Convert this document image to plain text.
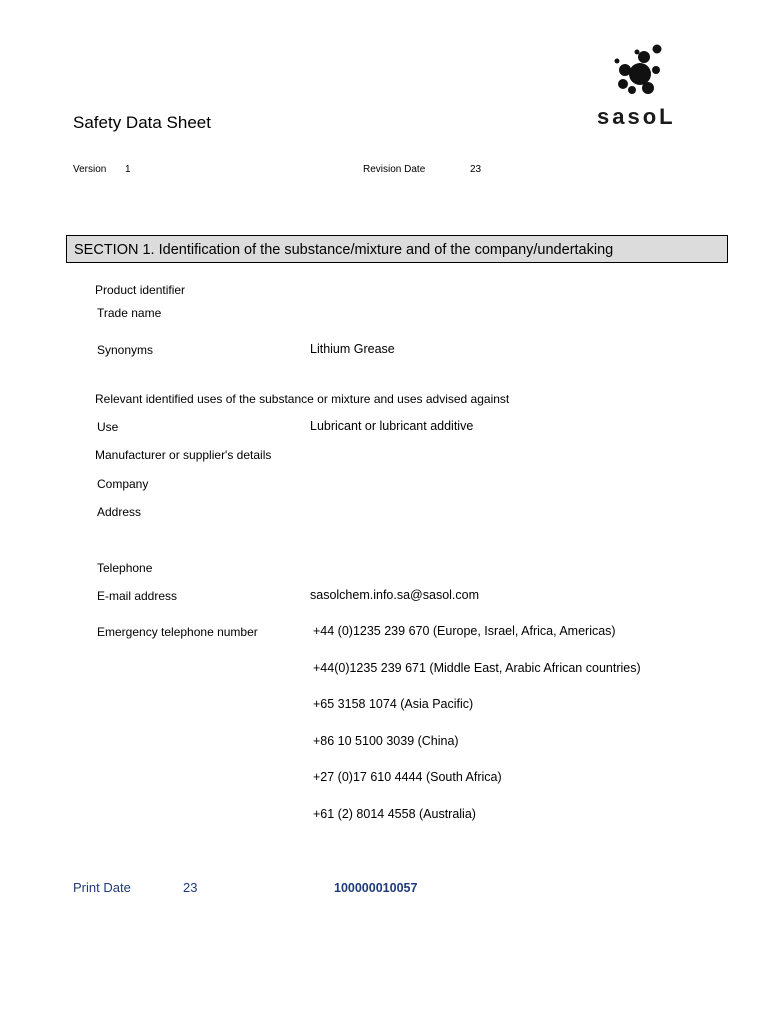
Safety Data Sheet
Version 1	Revision Date	23
sasoL
SECTION 1. Identification of the substance/mixture and of the company/undertaking
Product identifier
Trade name
Synonyms	Lithium Grease
Relevant identified uses of the substance or mixture and uses advised against
Use	Lubricant or lubricant additive
Manufacturer or supplier's details
Company
Address
Telephone
E-mail address	sasolchem.info.sa@sasol.com
Emergency telephone number	+44 (0)1235 239 670 (Europe, Israel, Africa, Americas)
+44(0)1235 239 671 (Middle East, Arabic African countries)
+65 3158 1074 (Asia Pacific)
+86 10 5100 3039 (China)
+27 (0)17 610 4444 (South Africa)
+61 (2) 8014 4558 (Australia)
Print Date	23	100000010057
